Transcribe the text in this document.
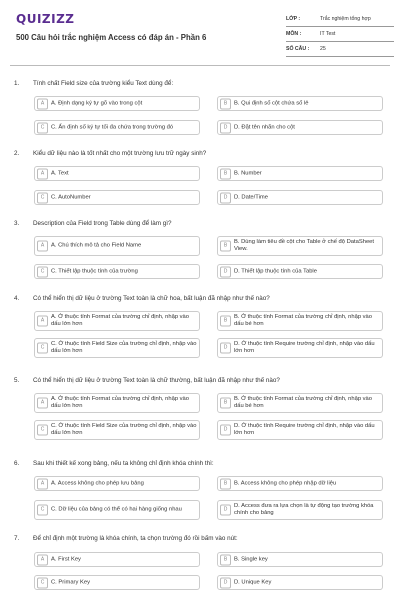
QUIZIZZ
500 Câu hỏi trắc nghiệm Access có đáp án - Phần 6
LỚP :	Trắc nghiệm tổng hợp
MÔN :	IT Test
SỐ CÂU :	25
1. Tính chất Field size của trường kiểu Text dùng để:
A	A. Định dạng ký tự gõ vào trong cột	B	B. Qui định số cột chứa số lẻ
C	C. Ấn định số ký tự tối đa chứa trong trường đó	D	D. Đặt tên nhãn cho cột
2. Kiểu dữ liệu nào là tốt nhất cho một trường lưu trữ ngày sinh?
A	A. Text	B	B. Number
C	C. AutoNumber	D	D. Date/Time
3. Description của Field trong Table dùng để làm gì?
A	A. Chú thích mô tả cho Field Name	B
B. Dùng làm tiêu đề cột cho Table ở chế độ DataSheet View.
C	C. Thiết lập thuộc tính của trường	D	D. Thiết lập thuộc tính của Table
4. Có thể hiển thị dữ liệu ở trường Text toàn là chữ hoa, bất luận đã nhập như thế nào?
A
A. Ở thuộc tính Format của trường chỉ định, nhập vào dấu lớn hơn
B
B. Ở thuộc tính Format của trường chỉ định, nhập vào dấu bé hơn
C
C. Ở thuộc tính Field Size của trường chỉ định, nhập vào dấu lớn hơn
D
D. Ở thuộc tính Require trường chỉ định, nhập vào dấu lớn hơn
5. Có thể hiển thị dữ liệu ở trường Text toàn là chữ thường, bất luận đã nhập như thế nào?
A
A. Ở thuộc tính Format của trường chỉ định, nhập vào dấu lớn hơn
B
B. Ở thuộc tính Format của trường chỉ định, nhập vào dấu bé hơn
C
C. Ở thuộc tính Field Size của trường chỉ định, nhập vào dấu lớn hơn
D
D. Ở thuộc tính Require trường chỉ định, nhập vào dấu lớn hơn
6. Sau khi thiết kế xong bảng, nếu ta không chỉ định khóa chính thì:
A	A. Access không cho phép lưu bảng	B	B. Access không cho phép nhập dữ liệu
C	C. Dữ liệu của bảng có thể có hai hàng giống nhau	D
D. Access đưa ra lựa chọn là tự động tạo trường khóa chính cho bảng
7. Để chỉ định một trường là khóa chính, ta chọn trường đó rồi bấm vào nút:
A	A. First Key	B	B. Single key
C	C. Primary Key	D	D. Unique Key
